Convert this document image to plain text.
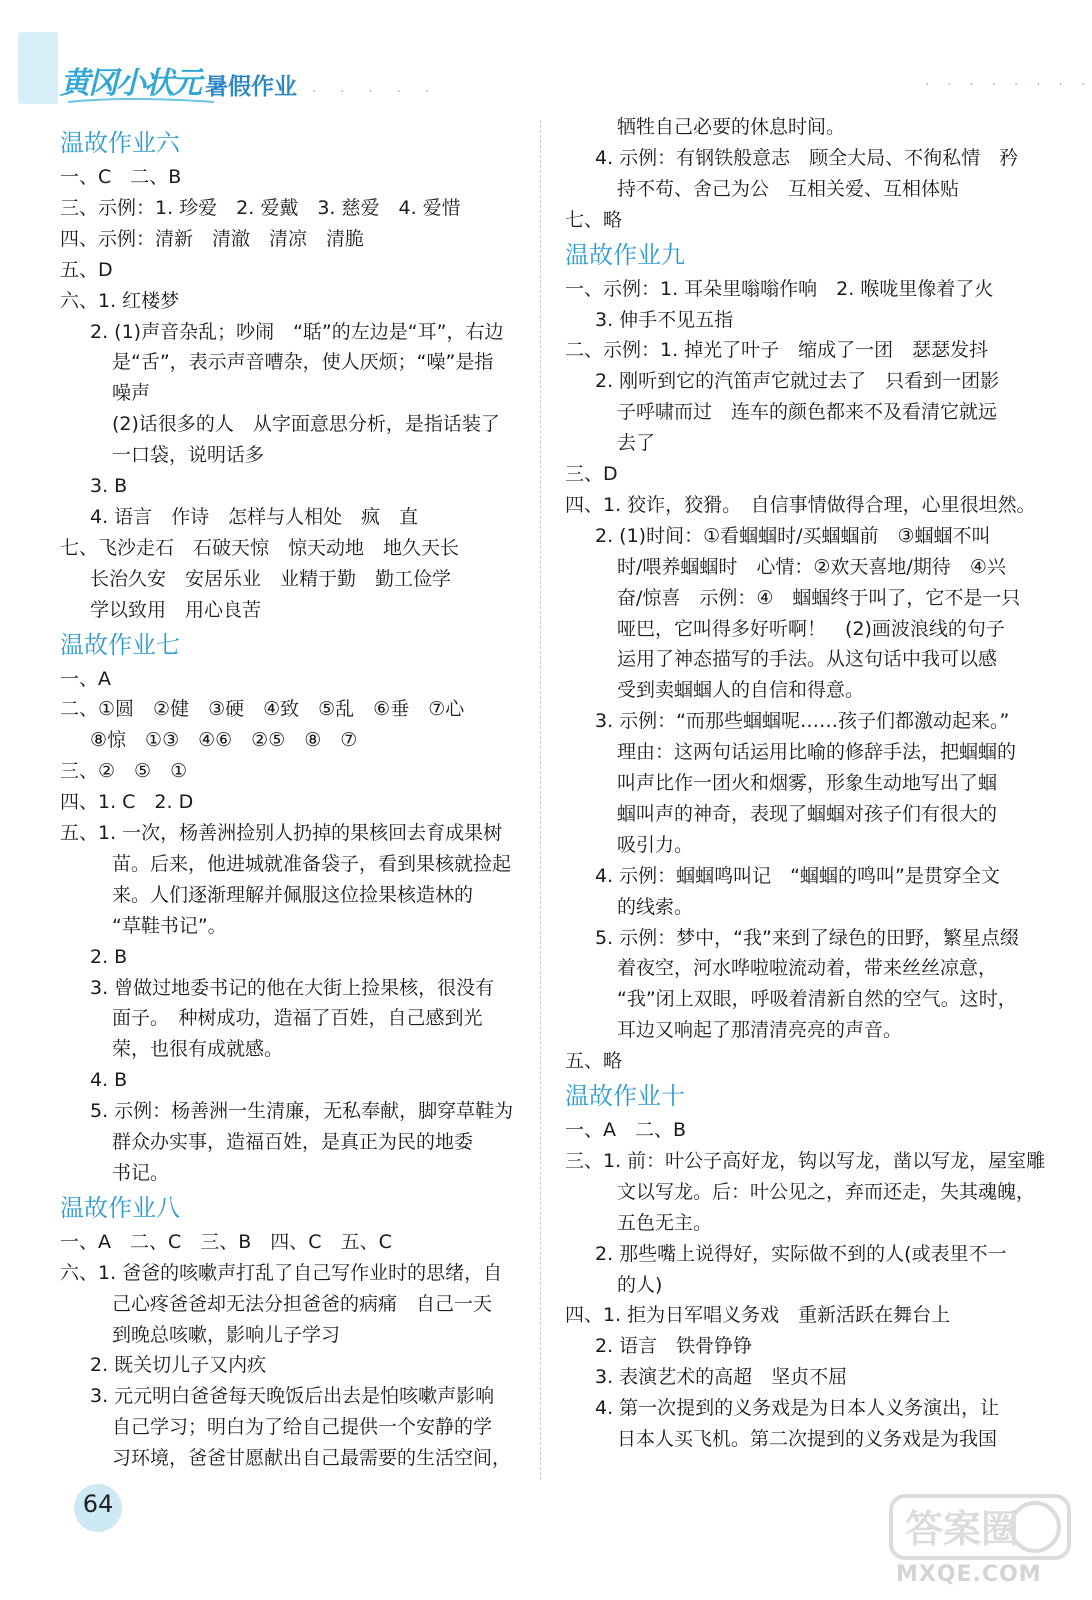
黄冈小状元 暑假作业 · · · · ·	· · · · · · · ·
温故作业六
一、C　二、B
三、示例：1. 珍爱　2. 爱戴　3. 慈爱　4. 爱惜
四、示例：清新　清澈　清凉　清脆
五、D
六、1. 红楼梦
2. (1)声音杂乱；吵闹　“聒”的左边是“耳”，右边
是“舌”，表示声音嘈杂，使人厌烦；“噪”是指
噪声
(2)话很多的人　从字面意思分析，是指话装了
一口袋，说明话多
3. B
4. 语言　作诗　怎样与人相处　疯　直
七、飞沙走石　石破天惊　惊天动地　地久天长
长治久安　安居乐业　业精于勤　勤工俭学
学以致用　用心良苦
温故作业七
一、A
二、①圆　②健　③硬　④致　⑤乱　⑥垂　⑦心
⑧惊　①③　④⑥　②⑤　⑧　⑦
三、②　⑤　①
四、1. C　2. D
五、1. 一次，杨善洲捡别人扔掉的果核回去育成果树
苗。后来，他进城就准备袋子，看到果核就捡起
来。人们逐渐理解并佩服这位捡果核造林的
“草鞋书记”。
2. B
3. 曾做过地委书记的他在大街上捡果核，很没有
面子。　种树成功，造福了百姓，自己感到光
荣，也很有成就感。
4. B
5. 示例：杨善洲一生清廉，无私奉献，脚穿草鞋为
群众办实事，造福百姓，是真正为民的地委
书记。
温故作业八
一、A　二、C　三、B　四、C　五、C
六、1. 爸爸的咳嗽声打乱了自己写作业时的思绪，自
己心疼爸爸却无法分担爸爸的病痛　自己一天
到晚总咳嗽，影响儿子学习
2. 既关切儿子又内疚
3. 元元明白爸爸每天晚饭后出去是怕咳嗽声影响
自己学习；明白为了给自己提供一个安静的学
习环境，爸爸甘愿献出自己最需要的生活空间，
牺牲自己必要的休息时间。
4. 示例：有钢铁般意志　顾全大局、不徇私情　矜
持不苟、舍己为公　互相关爱、互相体贴
七、略
温故作业九
一、示例：1. 耳朵里嗡嗡作响　2. 喉咙里像着了火
3. 伸手不见五指
二、示例：1. 掉光了叶子　缩成了一团　瑟瑟发抖
2. 刚听到它的汽笛声它就过去了　只看到一团影
子呼啸而过　连车的颜色都来不及看清它就远
去了
三、D
四、1. 狡诈，狡猾。　自信事情做得合理，心里很坦然。
2. (1)时间：①看蝈蝈时/买蝈蝈前　③蝈蝈不叫
时/喂养蝈蝈时　心情：②欢天喜地/期待　④兴
奋/惊喜　示例：④　蝈蝈终于叫了，它不是一只
哑巴，它叫得多好听啊！　(2)画波浪线的句子
运用了神态描写的手法。从这句话中我可以感
受到卖蝈蝈人的自信和得意。
3. 示例：“而那些蝈蝈呢……孩子们都激动起来。”
理由：这两句话运用比喻的修辞手法，把蝈蝈的
叫声比作一团火和烟雾，形象生动地写出了蝈
蝈叫声的神奇，表现了蝈蝈对孩子们有很大的
吸引力。
4. 示例：蝈蝈鸣叫记　“蝈蝈的鸣叫”是贯穿全文
的线索。
5. 示例：梦中，“我”来到了绿色的田野，繁星点缀
着夜空，河水哗啦啦流动着，带来丝丝凉意，
“我”闭上双眼，呼吸着清新自然的空气。这时，
耳边又响起了那清清亮亮的声音。
五、略
温故作业十
一、A　二、B
三、1. 前：叶公子高好龙，钩以写龙，凿以写龙，屋室雕
文以写龙。后：叶公见之，弃而还走，失其魂魄，
五色无主。
2. 那些嘴上说得好，实际做不到的人(或表里不一
的人)
四、1. 拒为日军唱义务戏　重新活跃在舞台上
2. 语言　铁骨铮铮
3. 表演艺术的高超　坚贞不屈
4. 第一次提到的义务戏是为日本人义务演出，让
日本人买飞机。第二次提到的义务戏是为我国
64
答案圈
MXQE.COM
